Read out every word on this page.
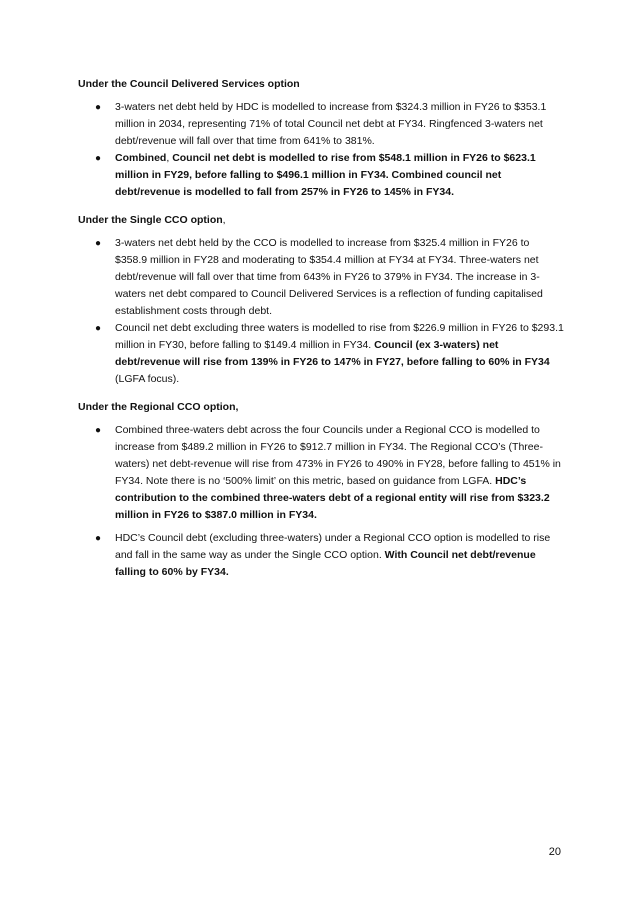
Under the Council Delivered Services option
● 3-waters net debt held by HDC is modelled to increase from $324.3 million in FY26 to $353.1 million in 2034, representing 71% of total Council net debt at FY34. Ringfenced 3-waters net debt/revenue will fall over that time from 641% to 381%.
● Combined, Council net debt is modelled to rise from $548.1 million in FY26 to $623.1 million in FY29, before falling to $496.1 million in FY34. Combined council net debt/revenue is modelled to fall from 257% in FY26 to 145% in FY34.
Under the Single CCO option,
● 3-waters net debt held by the CCO is modelled to increase from $325.4 million in FY26 to $358.9 million in FY28 and moderating to $354.4 million at FY34 at FY34. Three-waters net debt/revenue will fall over that time from 643% in FY26 to 379% in FY34. The increase in 3-waters net debt compared to Council Delivered Services is a reflection of funding capitalised establishment costs through debt.
● Council net debt excluding three waters is modelled to rise from $226.9 million in FY26 to $293.1 million in FY30, before falling to $149.4 million in FY34. Council (ex 3-waters) net debt/revenue will rise from 139% in FY26 to 147% in FY27, before falling to 60% in FY34 (LGFA focus).
Under the Regional CCO option,
● Combined three-waters debt across the four Councils under a Regional CCO is modelled to increase from $489.2 million in FY26 to $912.7 million in FY34. The Regional CCO’s (Three-waters) net debt-revenue will rise from 473% in FY26 to 490% in FY28, before falling to 451% in FY34. Note there is no ‘500% limit’ on this metric, based on guidance from LGFA. HDC’s contribution to the combined three-waters debt of a regional entity will rise from $323.2 million in FY26 to $387.0 million in FY34.
● HDC’s Council debt (excluding three-waters) under a Regional CCO option is modelled to rise and fall in the same way as under the Single CCO option. With Council net debt/revenue falling to 60% by FY34.
20
